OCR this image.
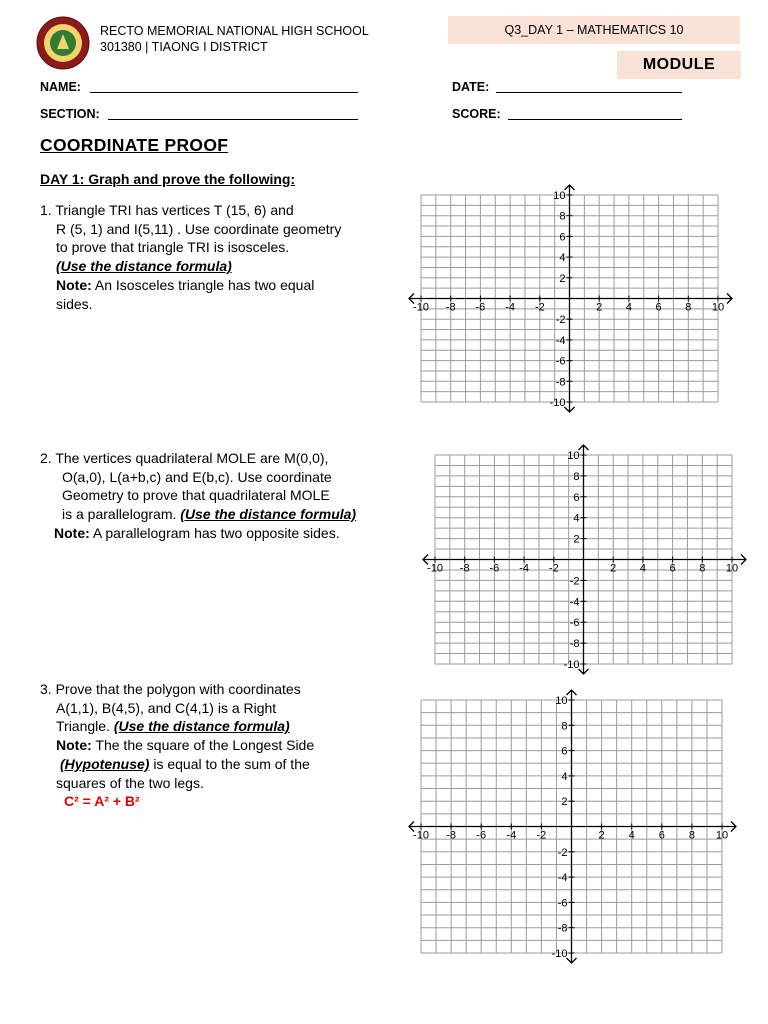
RECTO MEMORIAL NATIONAL HIGH SCHOOL
301380 | TIAONG I DISTRICT
Q3_DAY 1 – MATHEMATICS 10
MODULE
NAME:	DATE:
SECTION:	SCORE:
COORDINATE PROOF
DAY 1: Graph and prove the following:

1. Triangle TRI has vertices T (15, 6) and

R (5, 1) and I(5,11) . Use coordinate geometry

to prove that triangle TRI is isosceles.

(Use the distance formula)

Note: An Isosceles triangle has two equal

sides.

2. The vertices quadrilateral MOLE are M(0,0),

O(a,0), L(a+b,c) and E(b,c). Use coordinate

Geometry to prove that quadrilateral MOLE

is a parallelogram. (Use the distance formula)

Note: A parallelogram has two opposite sides.

3. Prove that the polygon with coordinates

A(1,1), B(4,5), and C(4,1) is a Right

Triangle. (Use the distance formula)

Note: The the square of the Longest Side

(Hypotenuse) is equal to the sum of the

squares of the two legs.

C² = A² + B²

-10 -8 -6 -4 -2	2 4 6 8 10
10
8
6
4
2
-2
-4
-6
-8
-10
-10 -8 -6 -4 -2	2 4 6 8 10
10
8
6
4
2
-2
-4
-6
-8
-10
-10 -8 -6 -4 -2	2 4 6 8 10
10
8
6
4
2
-2
-4
-6
-8
-10
